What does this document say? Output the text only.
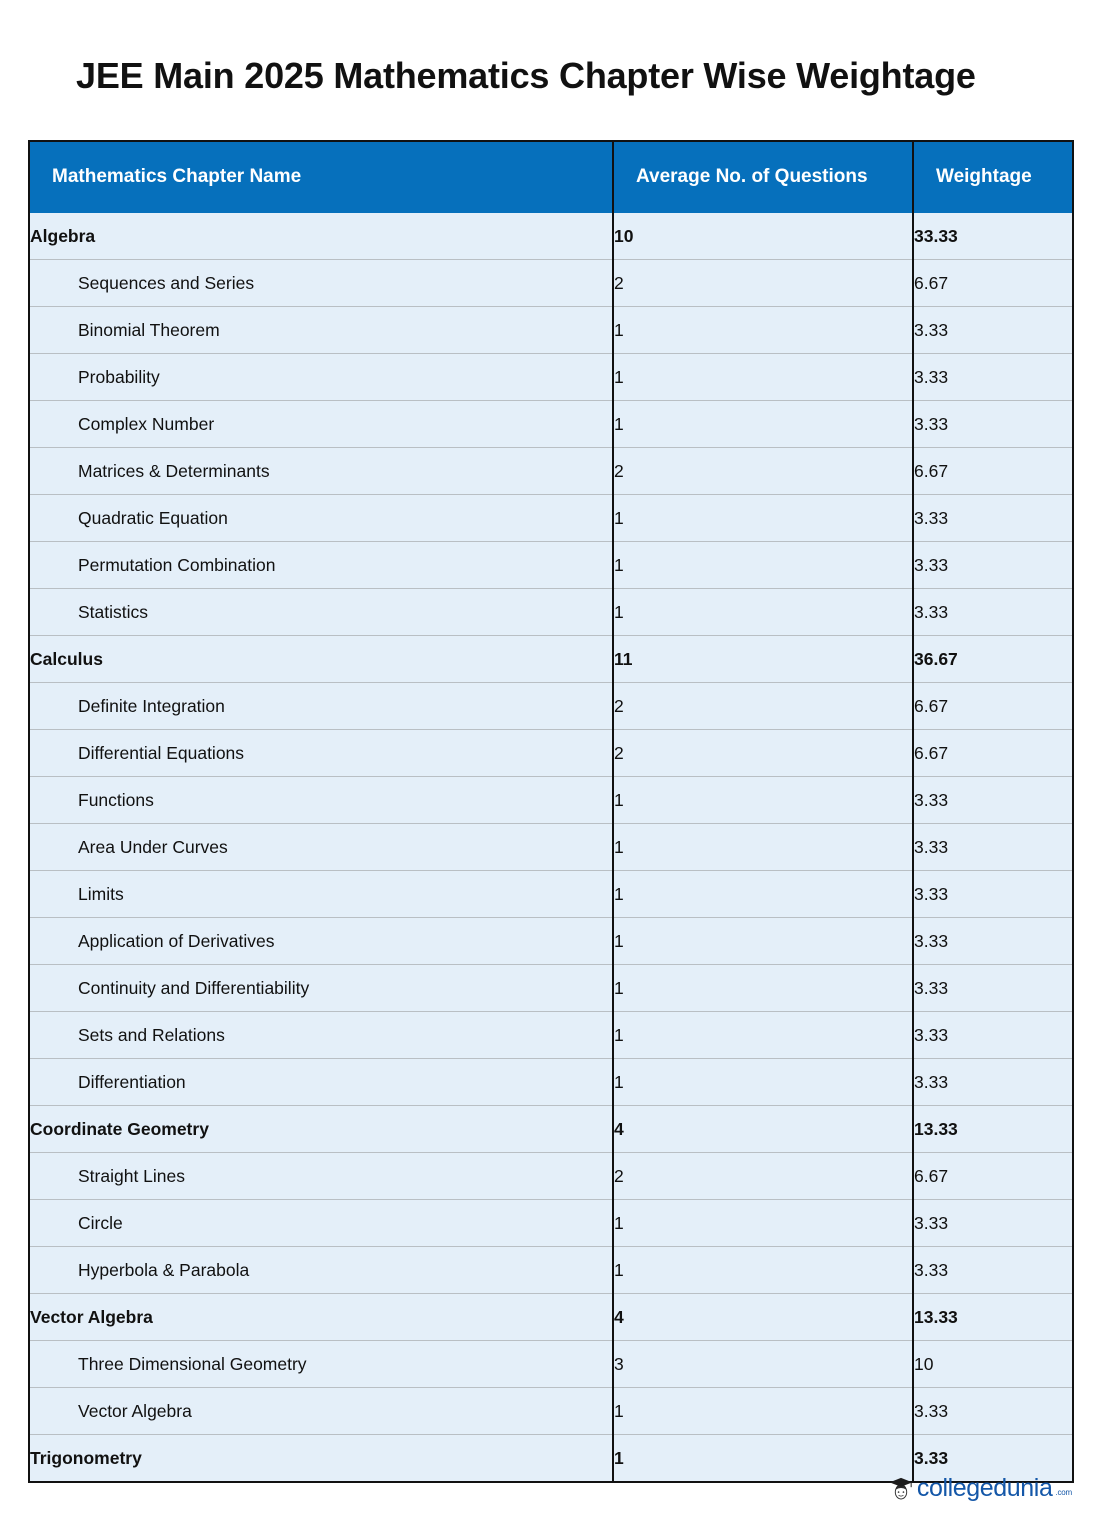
JEE Main 2025 Mathematics Chapter Wise Weightage
Mathematics Chapter Name	Average No. of Questions	Weightage
Algebra	10	33.33
Sequences and Series	2	6.67
Binomial Theorem	1	3.33
Probability	1	3.33
Complex Number	1	3.33
Matrices & Determinants	2	6.67
Quadratic Equation	1	3.33
Permutation Combination	1	3.33
Statistics	1	3.33
Calculus	11	36.67
Definite Integration	2	6.67
Differential Equations	2	6.67
Functions	1	3.33
Area Under Curves	1	3.33
Limits	1	3.33
Application of Derivatives	1	3.33
Continuity and Differentiability	1	3.33
Sets and Relations	1	3.33
Differentiation	1	3.33
Coordinate Geometry	4	13.33
Straight Lines	2	6.67
Circle	1	3.33
Hyperbola & Parabola	1	3.33
Vector Algebra	4	13.33
Three Dimensional Geometry	3	10
Vector Algebra	1	3.33
Trigonometry	1	3.33
collegedunia .com
